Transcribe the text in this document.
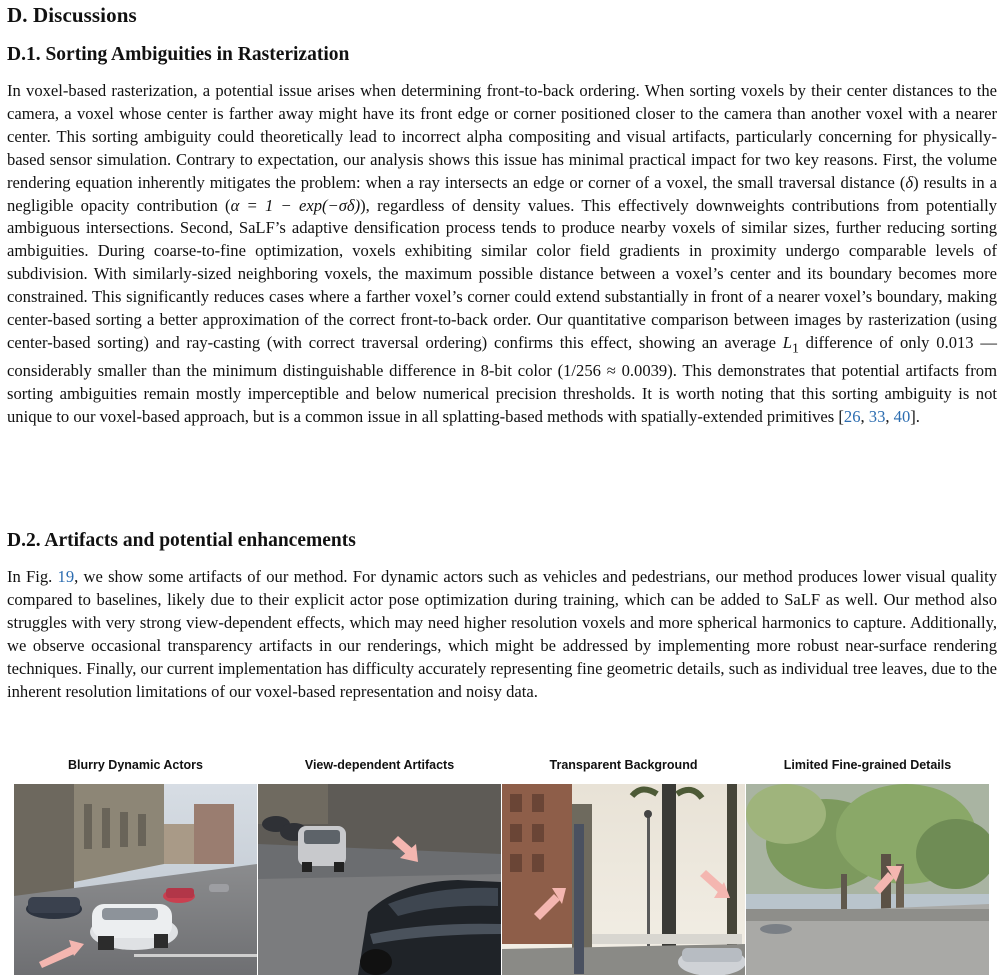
D. Discussions
D.1. Sorting Ambiguities in Rasterization

In voxel-based rasterization, a potential issue arises when determining front-to-back ordering. When sorting voxels by their center distances to the camera, a voxel whose center is farther away might have its front edge or corner positioned closer to the camera than another voxel with a nearer center. This sorting ambiguity could theoretically lead to incorrect alpha compositing and visual artifacts, particularly concerning for physically-based sensor simulation. Contrary to expectation, our analysis shows this issue has minimal practical impact for two key reasons. First, the volume rendering equation inherently mitigates the problem: when a ray intersects an edge or corner of a voxel, the small traversal distance (δ) results in a negligible opacity contribution (α = 1 − exp(−σδ)), regardless of density values. This effectively downweights contributions from potentially ambiguous intersections. Second, SaLF’s adaptive densification process tends to produce nearby voxels of similar sizes, further reducing sorting ambiguities. During coarse-to-fine optimization, voxels exhibiting similar color field gradients in proximity undergo comparable levels of subdivision. With similarly-sized neighboring voxels, the maximum possible distance between a voxel’s center and its boundary becomes more constrained. This significantly reduces cases where a farther voxel’s corner could extend substantially in front of a nearer voxel’s boundary, making center-based sorting a better approximation of the correct front-to-back order. Our quantitative comparison between images by rasterization (using center-based sorting) and ray-casting (with correct traversal ordering) confirms this effect, showing an average $L_1$ difference of only 0.013 — considerably smaller than the minimum distinguishable difference in 8-bit color (1/256 ≈ 0.0039). This demonstrates that potential artifacts from sorting ambiguities remain mostly imperceptible and below numerical precision thresholds. It is worth noting that this sorting ambiguity is not unique to our voxel-based approach, but is a common issue in all splatting-based methods with spatially-extended primitives [26, 33, 40].

D.2. Artifacts and potential enhancements

In Fig. 19, we show some artifacts of our method. For dynamic actors such as vehicles and pedestrians, our method produces lower visual quality compared to baselines, likely due to their explicit actor pose optimization during training, which can be added to SaLF as well. Our method also struggles with very strong view-dependent effects, which may need higher resolution voxels and more spherical harmonics to capture. Additionally, we observe occasional transparency artifacts in our renderings, which might be addressed by implementing more robust near-surface rendering techniques. Finally, our current implementation has difficulty accurately representing fine geometric details, such as individual tree leaves, due to the inherent resolution limitations of our voxel-based representation and noisy data.

Blurry Dynamic Actors	View-dependent Artifacts	Transparent Background	Limited Fine-grained Details
